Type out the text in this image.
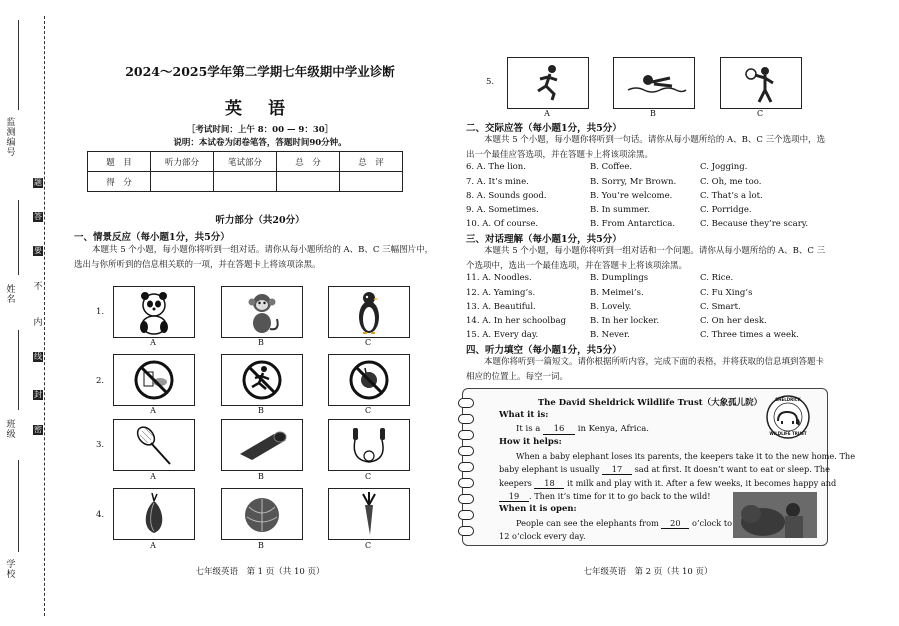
监测编号
姓 名
班 级
学 校
密
封
线
内
不
要
答
题
2024～2025学年第二学期七年级期中学业诊断
英 语
［考试时间：上午 8：00 — 9：30］
说明：本试卷为闭卷笔答，答题时间90分钟。
题　目	听力部分	笔试部分	总　分	总　评
得　分				
听力部分（共20分）
一、情景反应（每小题1分，共5分）
本题共 5 个小题，每小题你将听到一组对话。请你从每小题所给的 A、B、C 三幅图片中，选出与你所听到的信息相关联的一项，并在答题卡上将该项涂黑。
1.
A	B	C
2.
A	B	C
3.
A	B	C
4.
A	B	C
七年级英语　第 1 页（共 10 页）
5.
A	B	C
二、交际应答（每小题1分，共5分）
本题共 5 个小题，每小题你将听到一句话。请你从每小题所给的 A、B、C 三个选项中，选出一个最佳应答选项，并在答题卡上将该项涂黑。
6. A. The lion.	B. Coffee.	C. Jogging.
7. A. It’s mine.	B. Sorry, Mr Brown.	C. Oh, me too.
8. A. Sounds good.	B. You’re welcome.	C. That’s a lot.
9. A. Sometimes.	B. In summer.	C. Porridge.
10. A. Of course.	B. From Antarctica.	C. Because they’re scary.
三、对话理解（每小题1分，共5分）
本题共 5 个小题，每小题你将听到一组对话和一个问题。请你从每小题所给的 A、B、C 三个选项中，选出一个最佳选项，并在答题卡上将该项涂黑。
11. A. Noodles.	B. Dumplings	C. Rice.
12. A. Yaming’s.	B. Meimei’s.	C. Fu Xing’s
13. A. Beautiful.	B. Lovely.	C. Smart.
14. A. In her schoolbag	B. In her locker.	C. On her desk.
15. A. Every day.	B. Never.	C. Three times a week.
四、听力填空（每小题1分，共5分）
本题你将听到一篇短文。请你根据所听内容，完成下面的表格，并将获取的信息填到答题卡相应的位置上。每空一词。
The David Sheldrick Wildlife Trust（大象孤儿院）	SHELDRICK
WILDLIFE TRUST
What it is:
It is a 16 in Kenya, Africa.
How it helps:
When a baby elephant loses its parents, the keepers take it to the new home. The
baby elephant is usually 17 sad at first. It doesn’t want to eat or sleep. The
keepers 18 it milk and play with it. After a few weeks, it becomes happy and
19 . Then it’s time for it to go back to the wild!
When it is open:
People can see the elephants from 20 o’clock to
12 o’clock every day.
七年级英语　第 2 页（共 10 页）
